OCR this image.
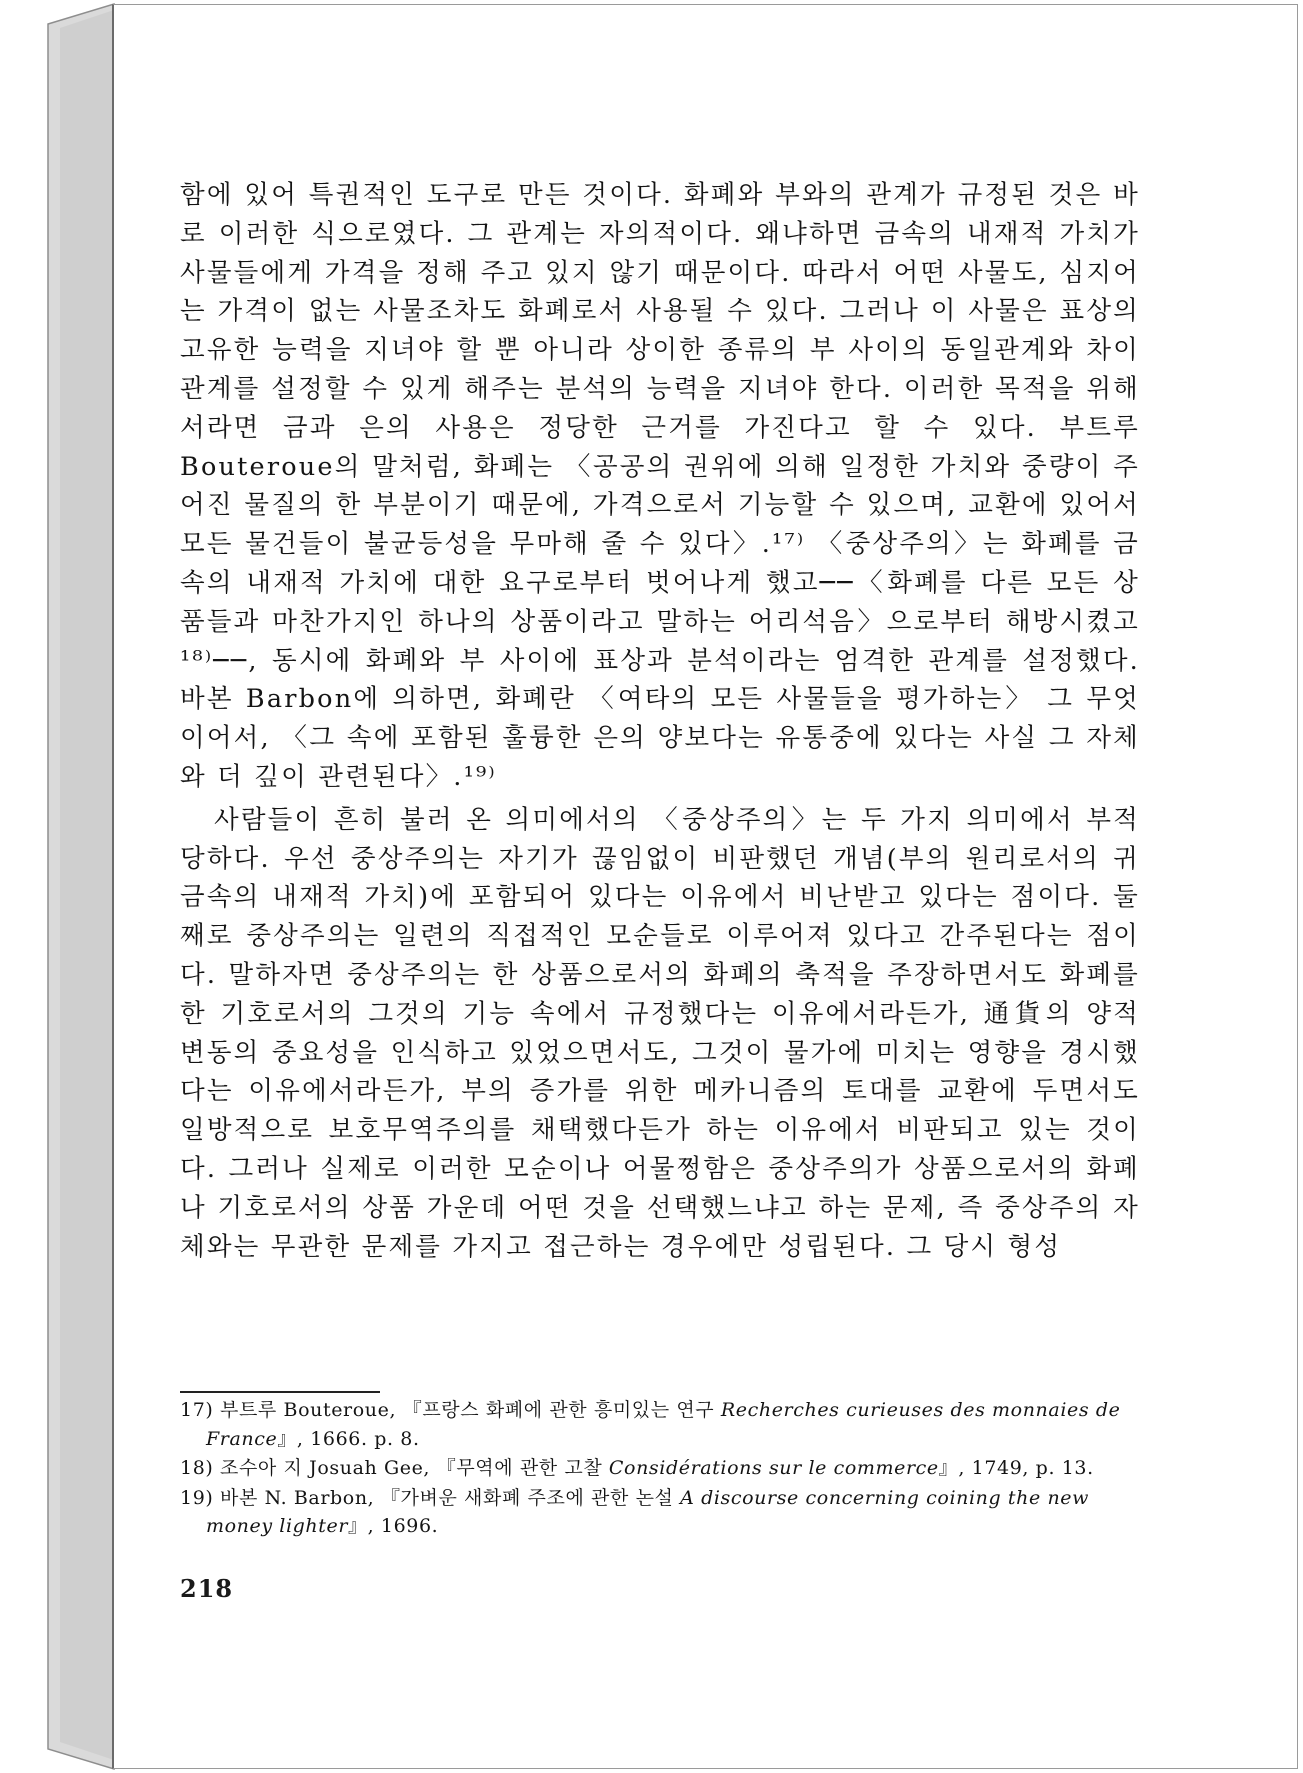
함에 있어 특권적인 도구로 만든 것이다. 화폐와 부와의 관계가 규정된 것은 바로 이러한 식으로였다. 그 관계는 자의적이다. 왜냐하면 금속의 내재적 가치가 사물들에게 가격을 정해 주고 있지 않기 때문이다. 따라서 어떤 사물도, 심지어는 가격이 없는 사물조차도 화폐로서 사용될 수 있다. 그러나 이 사물은 표상의 고유한 능력을 지녀야 할 뿐 아니라 상이한 종류의 부 사이의 동일관계와 차이관계를 설정할 수 있게 해주는 분석의 능력을 지녀야 한다. 이러한 목적을 위해서라면 금과 은의 사용은 정당한 근거를 가진다고 할 수 있다. 부트루 Bouteroue의 말처럼, 화폐는 〈공공의 권위에 의해 일정한 가치와 중량이 주어진 물질의 한 부분이기 때문에, 가격으로서 기능할 수 있으며, 교환에 있어서 모든 물건들이 불균등성을 무마해 줄 수 있다〉.¹⁷⁾ 〈중상주의〉는 화폐를 금속의 내재적 가치에 대한 요구로부터 벗어나게 했고──〈화폐를 다른 모든 상품들과 마찬가지인 하나의 상품이라고 말하는 어리석음〉으로부터 해방시켰고¹⁸⁾──, 동시에 화폐와 부 사이에 표상과 분석이라는 엄격한 관계를 설정했다. 바본 Barbon에 의하면, 화폐란 〈여타의 모든 사물들을 평가하는〉 그 무엇이어서, 〈그 속에 포함된 훌륭한 은의 양보다는 유통중에 있다는 사실 그 자체와 더 깊이 관련된다〉.¹⁹⁾

사람들이 흔히 불러 온 의미에서의 〈중상주의〉는 두 가지 의미에서 부적당하다. 우선 중상주의는 자기가 끊임없이 비판했던 개념(부의 원리로서의 귀금속의 내재적 가치)에 포함되어 있다는 이유에서 비난받고 있다는 점이다. 둘째로 중상주의는 일련의 직접적인 모순들로 이루어져 있다고 간주된다는 점이다. 말하자면 중상주의는 한 상품으로서의 화폐의 축적을 주장하면서도 화폐를 한 기호로서의 그것의 기능 속에서 규정했다는 이유에서라든가, 通貨의 양적 변동의 중요성을 인식하고 있었으면서도, 그것이 물가에 미치는 영향을 경시했다는 이유에서라든가, 부의 증가를 위한 메카니즘의 토대를 교환에 두면서도 일방적으로 보호무역주의를 채택했다든가 하는 이유에서 비판되고 있는 것이다. 그러나 실제로 이러한 모순이나 어물쩡함은 중상주의가 상품으로서의 화폐나 기호로서의 상품 가운데 어떤 것을 선택했느냐고 하는 문제, 즉 중상주의 자체와는 무관한 문제를 가지고 접근하는 경우에만 성립된다. 그 당시 형성

17) 부트루 Bouteroue, 『프랑스 화폐에 관한 흥미있는 연구 Recherches curieuses des monnaies de France』, 1666. p. 8.

18) 조수아 지 Josuah Gee, 『무역에 관한 고찰 Considérations sur le commerce』, 1749, p. 13.

19) 바본 N. Barbon, 『가벼운 새화폐 주조에 관한 논설 A discourse concerning coining the new money lighter』, 1696.

218
